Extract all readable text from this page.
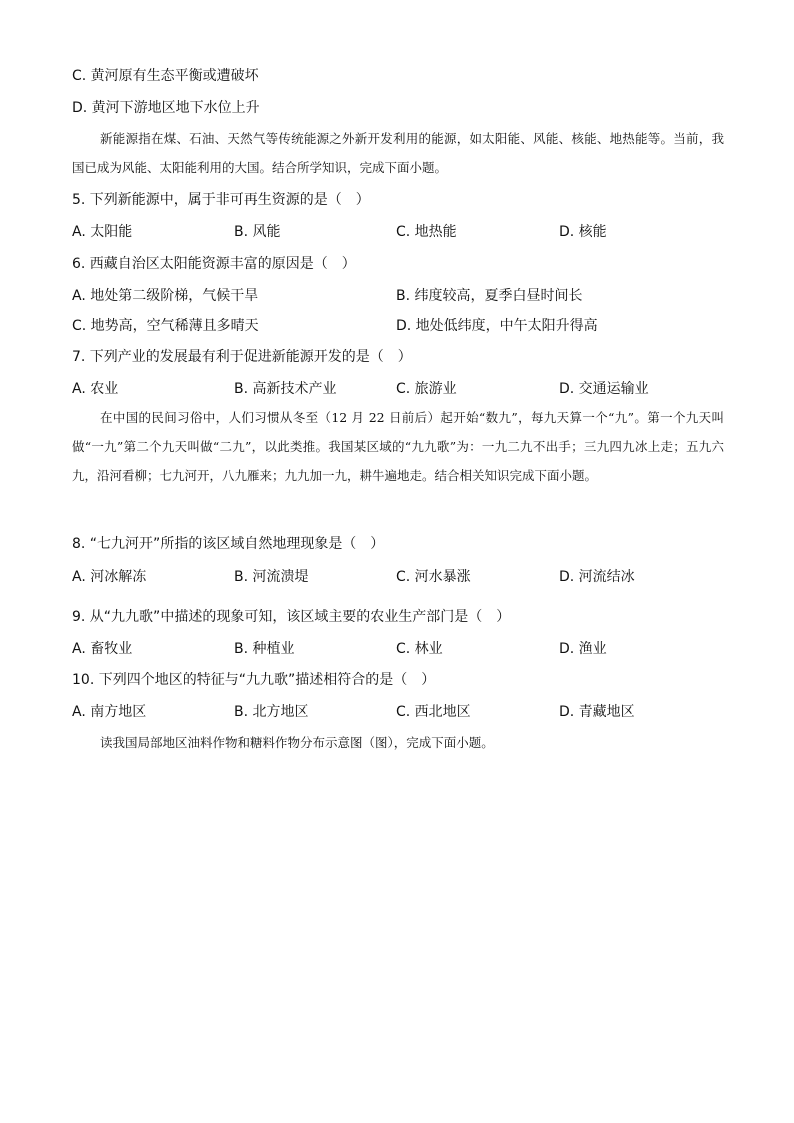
C. 黄河原有生态平衡或遭破坏
D. 黄河下游地区地下水位上升

新能源指在煤、石油、天然气等传统能源之外新开发利用的能源，如太阳能、风能、核能、地热能等。当前，我国已成为风能、太阳能利用的大国。结合所学知识，完成下面小题。

5. 下列新能源中，属于非可再生资源的是（　）
A. 太阳能	B. 风能	C. 地热能	D. 核能
6. 西藏自治区太阳能资源丰富的原因是（　）
A. 地处第二级阶梯，气候干旱	B. 纬度较高，夏季白昼时间长
C. 地势高，空气稀薄且多晴天	D. 地处低纬度，中午太阳升得高
7. 下列产业的发展最有利于促进新能源开发的是（　）
A. 农业	B. 高新技术产业	C. 旅游业	D. 交通运输业

在中国的民间习俗中，人们习惯从冬至（12 月 22 日前后）起开始“数九”，每九天算一个“九”。第一个九天叫做“一九”第二个九天叫做“二九”，以此类推。我国某区域的“九九歌”为：一九二九不出手；三九四九冰上走；五九六九，沿河看柳；七九河开，八九雁来；九九加一九，耕牛遍地走。结合相关知识完成下面小题。

8. “七九河开”所指的该区域自然地理现象是（　）
A. 河冰解冻	B. 河流溃堤	C. 河水暴涨	D. 河流结冰
9. 从“九九歌”中描述的现象可知，该区域主要的农业生产部门是（　）
A. 畜牧业	B. 种植业	C. 林业	D. 渔业
10. 下列四个地区的特征与“九九歌”描述相符合的是（　）
A. 南方地区	B. 北方地区	C. 西北地区	D. 青藏地区

读我国局部地区油料作物和糖料作物分布示意图（图），完成下面小题。
